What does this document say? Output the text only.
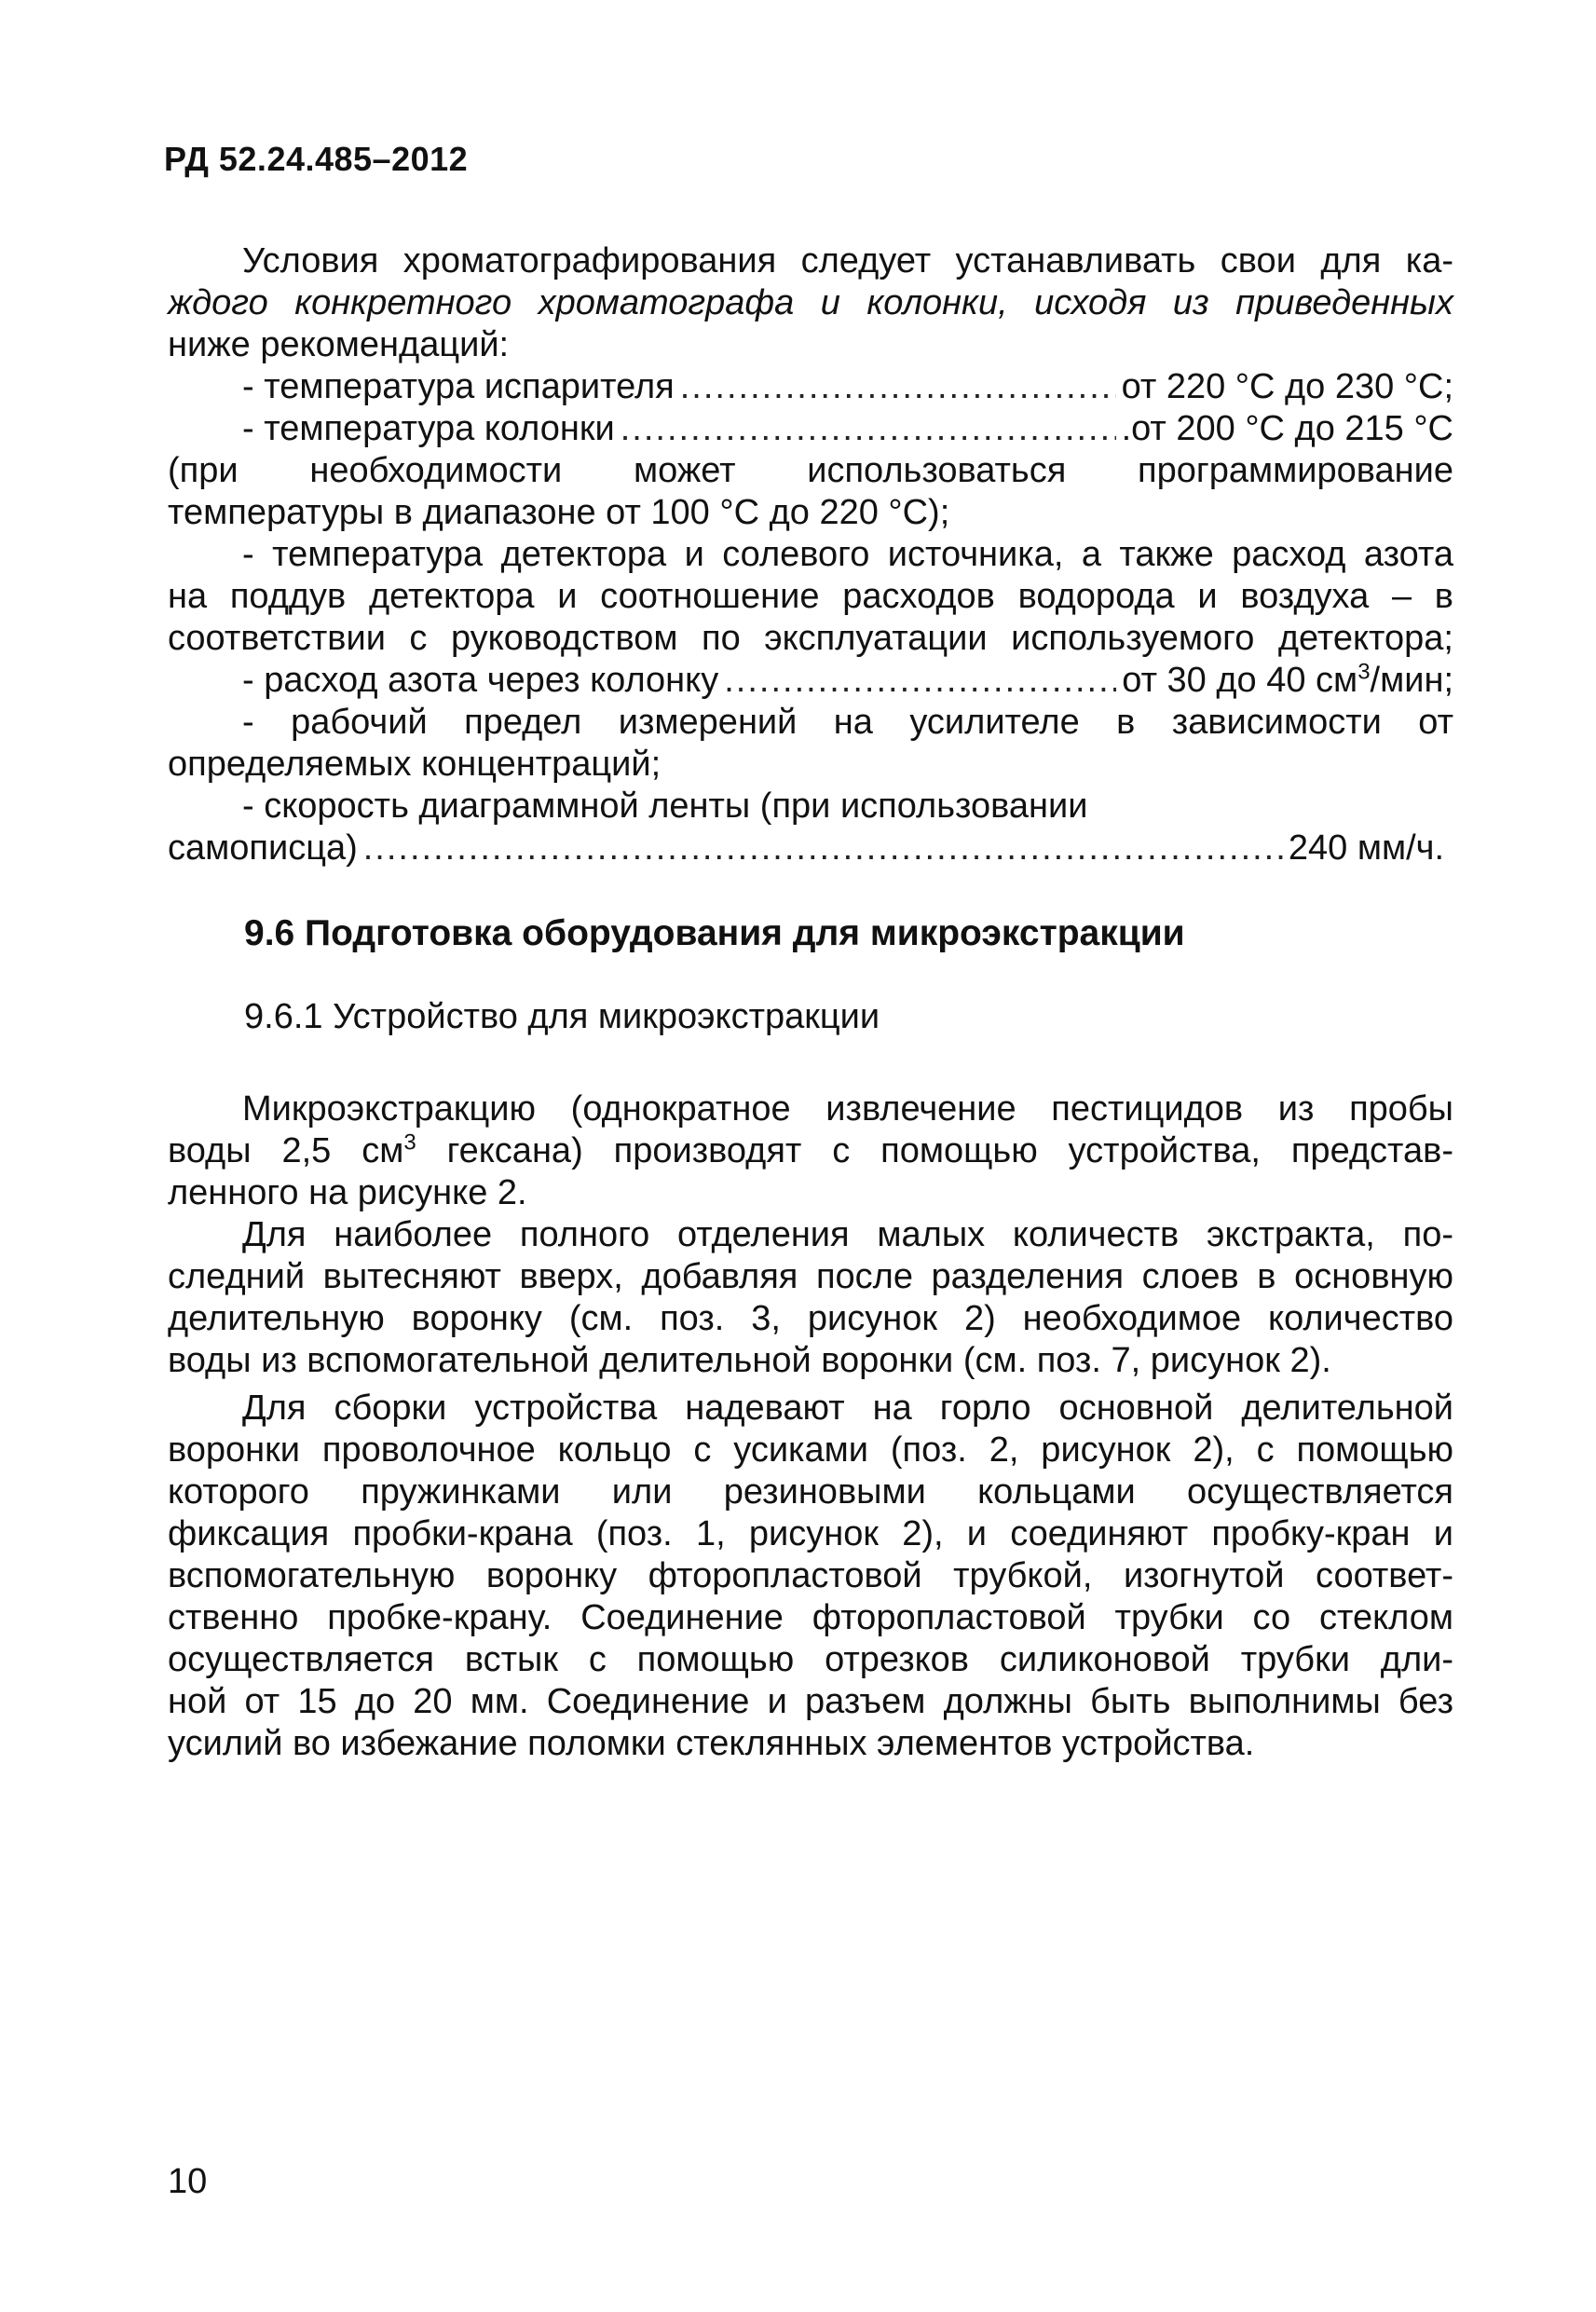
РД 52.24.485–2012

Условия хроматографирования следует устанавливать свои для ка-

ждого конкретного хроматографа и колонки, исходя из приведенных

ниже рекомендаций:

- температура испарителя .....	от 220 °С до 230 °С;
- температура колонки .....	.от 200 °С до 215 °С

(при необходимости может использоваться программирование

температуры в диапазоне от 100 °С до 220 °С);

- температура детектора и солевого источника, а также расход азота

на поддув детектора и соотношение расходов водорода и воздуха – в

соответствии с руководством по эксплуатации используемого детектора;

- расход азота через колонку .....	от 30 до 40 $см^3$/мин;

- рабочий предел измерений на усилителе в зависимости от

определяемых концентраций;

- скорость диаграммной ленты (при использовании

самописца) .....	240 мм/ч.
9.6 Подготовка оборудования для микроэкстракции
9.6.1 Устройство для микроэкстракции

Микроэкстракцию (однократное извлечение пестицидов из пробы

воды 2,5 $см^3$ гексана) производят с помощью устройства, представ-

ленного на рисунке 2.

Для наиболее полного отделения малых количеств экстракта, по-

следний вытесняют вверх, добавляя после разделения слоев в основную

делительную воронку (см. поз. 3, рисунок 2) необходимое количество

воды из вспомогательной делительной воронки (см. поз. 7, рисунок 2).

Для сборки устройства надевают на горло основной делительной

воронки проволочное кольцо с усиками (поз. 2, рисунок 2), с помощью

которого пружинками или резиновыми кольцами осуществляется

фиксация пробки-крана (поз. 1, рисунок 2), и соединяют пробку-кран и

вспомогательную воронку фторопластовой трубкой, изогнутой соответ-

ственно пробке-крану. Соединение фторопластовой трубки со стеклом

осуществляется встык с помощью отрезков силиконовой трубки дли-

ной от 15 до 20 мм. Соединение и разъем должны быть выполнимы без

усилий во избежание поломки стеклянных элементов устройства.

10
